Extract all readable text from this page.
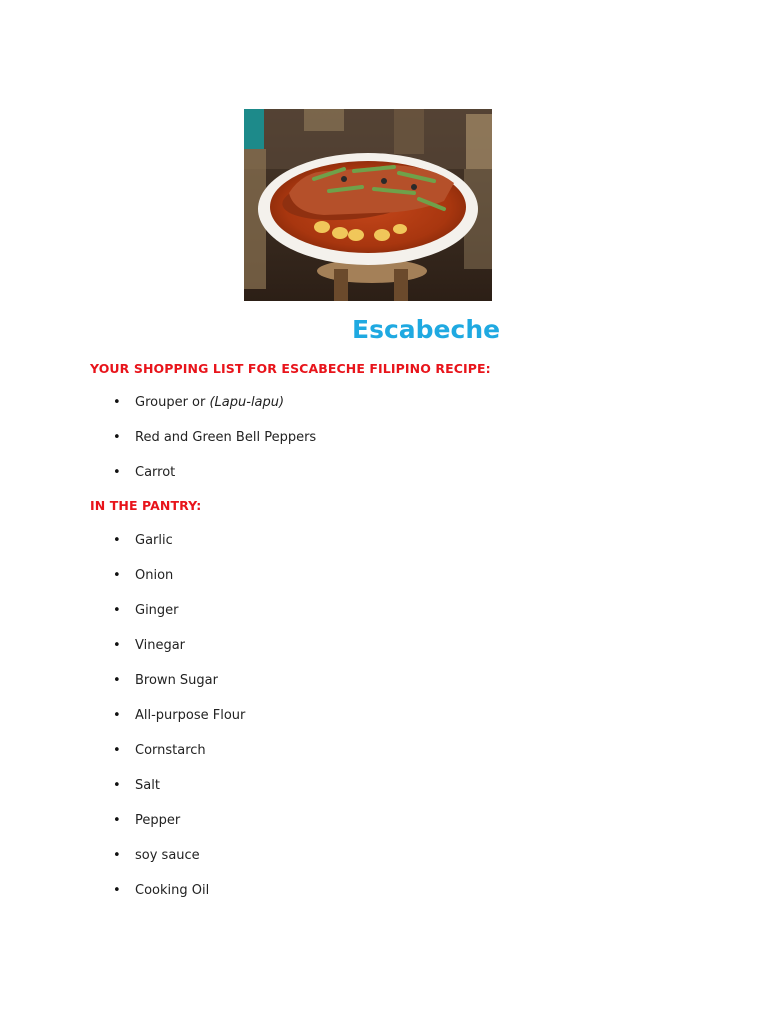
Escabeche
YOUR SHOPPING LIST FOR ESCABECHE FILIPINO RECIPE:
• Grouper or (Lapu-lapu)
• Red and Green Bell Peppers
• Carrot
IN THE PANTRY:
• Garlic
• Onion
• Ginger
• Vinegar
• Brown Sugar
• All-purpose Flour
• Cornstarch
• Salt
• Pepper
• soy sauce
• Cooking Oil
